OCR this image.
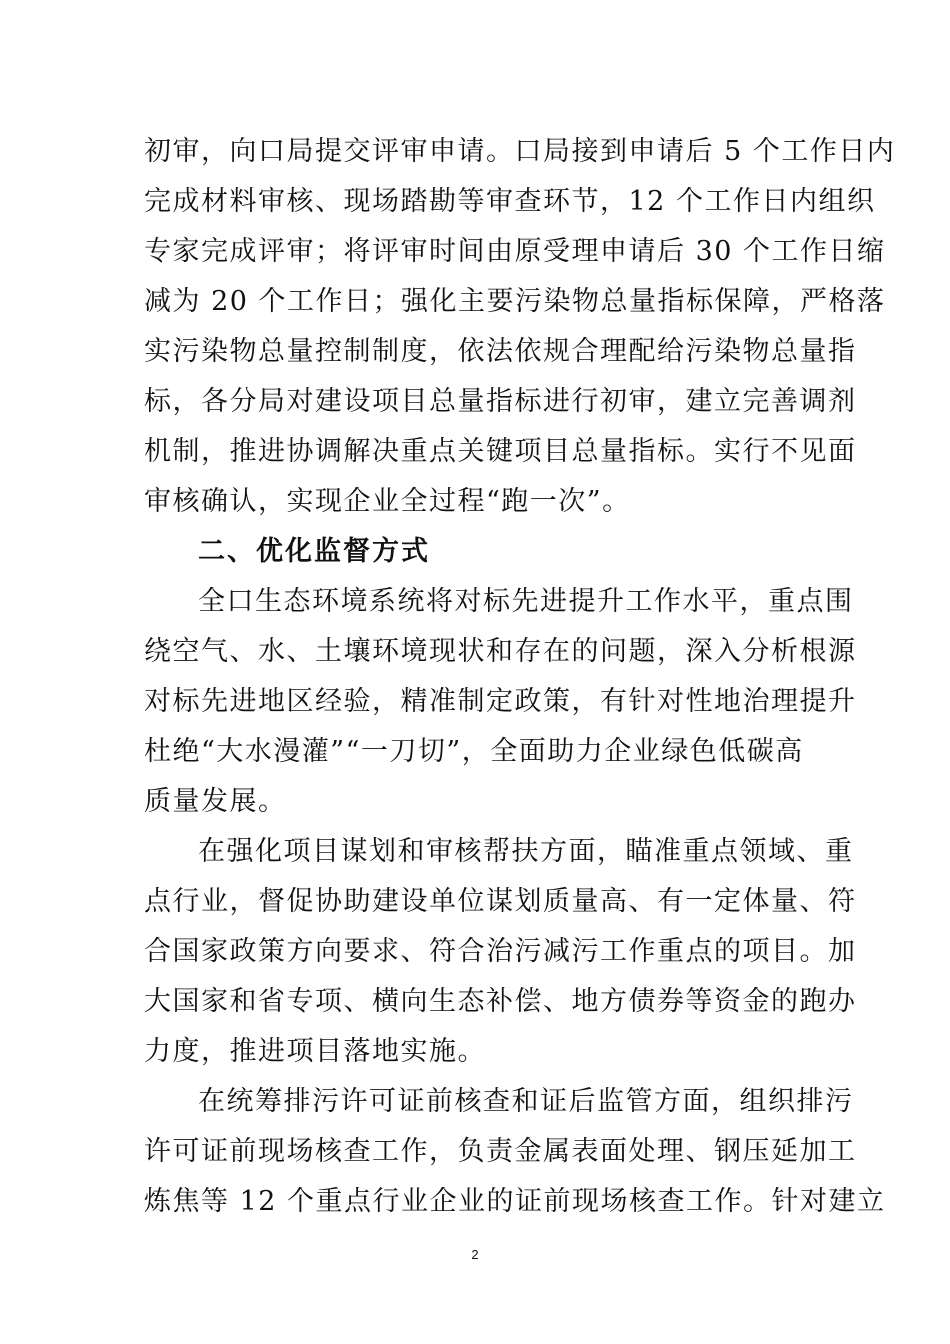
初审，向口局提交评审申请。口局接到申请后 5 个工作日内
完成材料审核、现场踏勘等审查环节，12 个工作日内组织
专家完成评审；将评审时间由原受理申请后 30 个工作日缩
减为 20 个工作日；强化主要污染物总量指标保障，严格落
实污染物总量控制制度，依法依规合理配给污染物总量指
标，各分局对建设项目总量指标进行初审，建立完善调剂
机制，推进协调解决重点关键项目总量指标。实行不见面
审核确认，实现企业全过程“跑一次”。
二、优化监督方式
全口生态环境系统将对标先进提升工作水平，重点围
绕空气、水、土壤环境现状和存在的问题，深入分析根源
对标先进地区经验，精准制定政策，有针对性地治理提升
杜绝“大水漫灌”“一刀切”，全面助力企业绿色低碳高
质量发展。
在强化项目谋划和审核帮扶方面，瞄准重点领域、重
点行业，督促协助建设单位谋划质量高、有一定体量、符
合国家政策方向要求、符合治污减污工作重点的项目。加
大国家和省专项、横向生态补偿、地方债券等资金的跑办
力度，推进项目落地实施。
在统筹排污许可证前核查和证后监管方面，组织排污
许可证前现场核查工作，负责金属表面处理、钢压延加工
炼焦等 12 个重点行业企业的证前现场核查工作。针对建立
2
